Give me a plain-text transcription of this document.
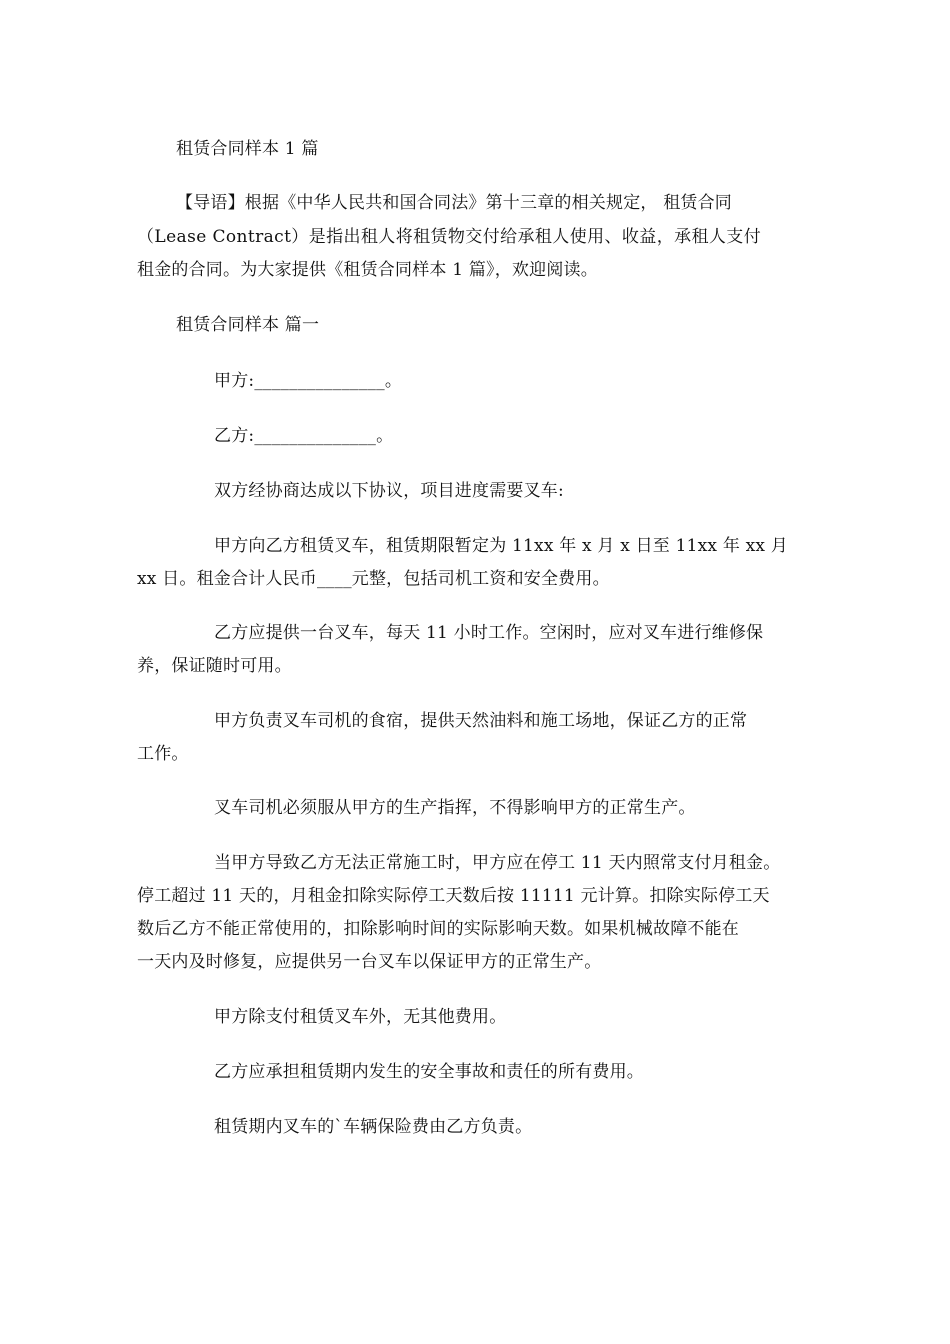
租赁合同样本 1 篇
【导语】根据《中华人民共和国合同法》第十三章的相关规定， 租赁合同
（Lease Contract）是指出租人将租赁物交付给承租人使用、收益，承租人支付
租金的合同。为大家提供《租赁合同样本 1 篇》，欢迎阅读。
租赁合同样本 篇一
甲方:_______________。
乙方:______________。
双方经协商达成以下协议，项目进度需要叉车:
甲方向乙方租赁叉车，租赁期限暂定为 11xx 年 x 月 x 日至 11xx 年 xx 月
xx 日。租金合计人民币____元整，包括司机工资和安全费用。
乙方应提供一台叉车，每天 11 小时工作。空闲时，应对叉车进行维修保
养，保证随时可用。
甲方负责叉车司机的食宿，提供天然油料和施工场地，保证乙方的正常
工作。
叉车司机必须服从甲方的生产指挥，不得影响甲方的正常生产。
当甲方导致乙方无法正常施工时，甲方应在停工 11 天内照常支付月租金。
停工超过 11 天的，月租金扣除实际停工天数后按 11111 元计算。扣除实际停工天
数后乙方不能正常使用的，扣除影响时间的实际影响天数。如果机械故障不能在
一天内及时修复，应提供另一台叉车以保证甲方的正常生产。
甲方除支付租赁叉车外，无其他费用。
乙方应承担租赁期内发生的安全事故和责任的所有费用。
租赁期内叉车的`车辆保险费由乙方负责。
